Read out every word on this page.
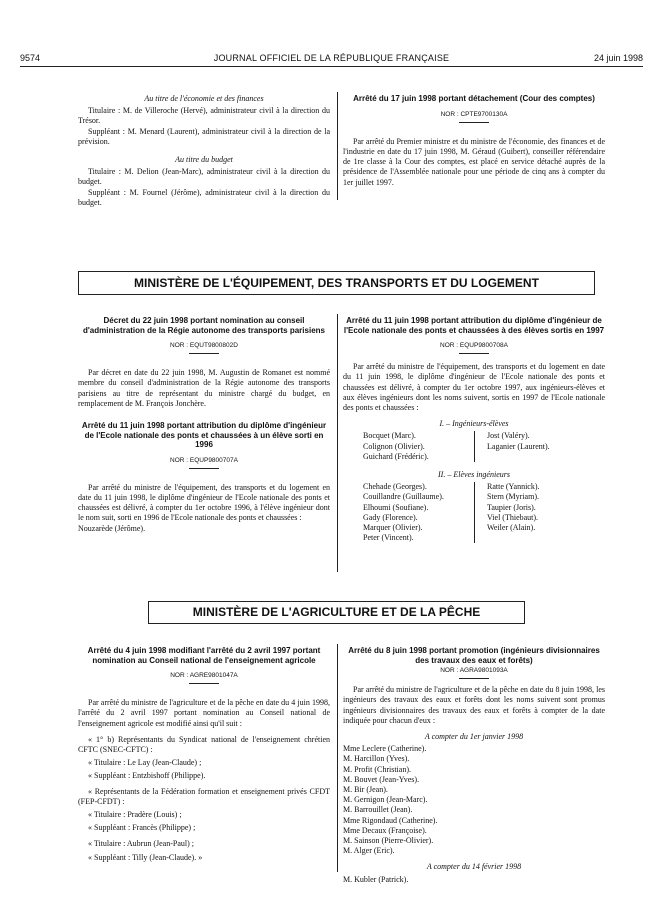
9574	JOURNAL OFFICIEL DE LA RÉPUBLIQUE FRANÇAISE	24 juin 1998

Au titre de l'économie et des finances

Titulaire : M. de Villeroche (Hervé), administrateur civil à la direction du Trésor.

Suppléant : M. Menard (Laurent), administrateur civil à la direction de la prévision.

Au titre du budget

Titulaire : M. Delion (Jean-Marc), administrateur civil à la direction du budget.

Suppléant : M. Fournel (Jérôme), administrateur civil à la direction du budget.

Arrêté du 17 juin 1998 portant détachement (Cour des comptes)

NOR : CPTE9700130A

Par arrêté du Premier ministre et du ministre de l'économie, des finances et de l'industrie en date du 17 juin 1998, M. Géraud (Guibert), conseiller référendaire de 1re classe à la Cour des comptes, est placé en service détaché auprès de la présidence de l'Assemblée nationale pour une période de cinq ans à compter du 1er juillet 1997.

MINISTÈRE DE L'ÉQUIPEMENT, DES TRANSPORTS ET DU LOGEMENT

Décret du 22 juin 1998 portant nomination au conseil d'administration de la Régie autonome des transports parisiens

NOR : EQUT9800802D

Par décret en date du 22 juin 1998, M. Augustin de Romanet est nommé membre du conseil d'administration de la Régie autonome des transports parisiens au titre de représentant du ministre chargé du budget, en remplacement de M. François Jonchère.

Arrêté du 11 juin 1998 portant attribution du diplôme d'ingénieur de l'Ecole nationale des ponts et chaussées à un élève sorti en 1996

NOR : EQUP9800707A

Par arrêté du ministre de l'équipement, des transports et du logement en date du 11 juin 1998, le diplôme d'ingénieur de l'Ecole nationale des ponts et chaussées est délivré, à compter du 1er octobre 1996, à l'élève ingénieur dont le nom suit, sorti en 1996 de l'Ecole nationale des ponts et chaussées :

Nouzarède (Jérôme).

Arrêté du 11 juin 1998 portant attribution du diplôme d'ingénieur de l'Ecole nationale des ponts et chaussées à des élèves sortis en 1997

NOR : EQUP9800708A

Par arrêté du ministre de l'équipement, des transports et du logement en date du 11 juin 1998, le diplôme d'ingénieur de l'Ecole nationale des ponts et chaussées est délivré, à compter du 1er octobre 1997, aux ingénieurs-élèves et aux élèves ingénieurs dont les noms suivent, sortis en 1997 de l'Ecole nationale des ponts et chaussées :

I. – Ingénieurs-élèves

Bocquet (Marc).

Colignon (Olivier).

Guichard (Frédéric).

Jost (Valéry).

Laganier (Laurent).

II. – Elèves ingénieurs

Chehade (Georges).

Couillandre (Guillaume).

Elhoumi (Soufiane).

Gady (Florence).

Marquer (Olivier).

Peter (Vincent).

Ratte (Yannick).

Stern (Myriam).

Taupier (Joris).

Viel (Thiebaut).

Weiler (Alain).

MINISTÈRE DE L'AGRICULTURE ET DE LA PÊCHE

Arrêté du 4 juin 1998 modifiant l'arrêté du 2 avril 1997 portant nomination au Conseil national de l'enseignement agricole

NOR : AGRE9801047A

Par arrêté du ministre de l'agriculture et de la pêche en date du 4 juin 1998, l'arrêté du 2 avril 1997 portant nomination au Conseil national de l'enseignement agricole est modifié ainsi qu'il suit :

« 1° b) Représentants du Syndicat national de l'enseignement chrétien CFTC (SNEC-CFTC) :

« Titulaire : Le Lay (Jean-Claude) ;

« Suppléant : Entzbishoff (Philippe).

« Représentants de la Fédération formation et enseignement privés CFDT (FEP-CFDT) :

« Titulaire : Pradère (Louis) ;

« Suppléant : Francès (Philippe) ;

« Titulaire : Aubrun (Jean-Paul) ;

« Suppléant : Tilly (Jean-Claude). »

Arrêté du 8 juin 1998 portant promotion (ingénieurs divisionnaires des travaux des eaux et forêts)

NOR : AGRA9801093A

Par arrêté du ministre de l'agriculture et de la pêche en date du 8 juin 1998, les ingénieurs des travaux des eaux et forêts dont les noms suivent sont promus ingénieurs divisionnaires des travaux des eaux et forêts à compter de la date indiquée pour chacun d'eux :

A compter du 1er janvier 1998

Mme Leclere (Catherine).

M. Harcillon (Yves).

M. Profit (Christian).

M. Bouvet (Jean-Yves).

M. Bir (Jean).

M. Gernigon (Jean-Marc).

M. Barrouillet (Jean).

Mme Rigondaud (Catherine).

Mme Decaux (Françoise).

M. Sainson (Pierre-Olivier).

M. Alger (Eric).

A compter du 14 février 1998

M. Kubler (Patrick).
